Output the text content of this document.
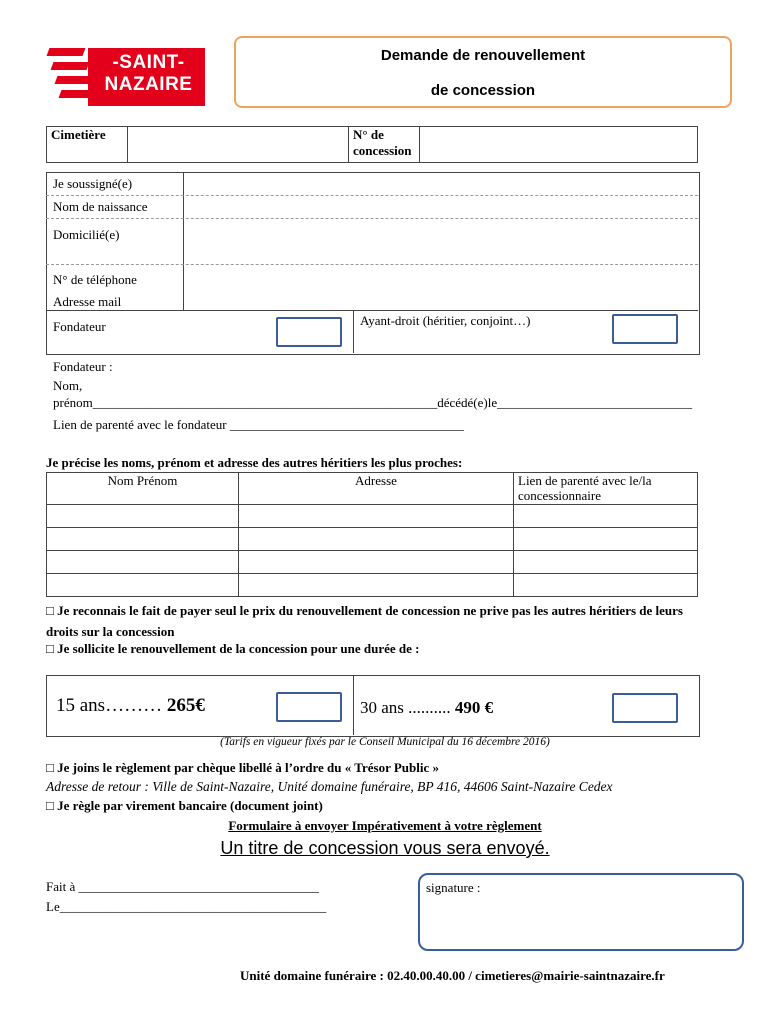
-SAINT-
NAZAIRE
Demande de renouvellement
de concession
Cimetière		N° de concession	
Je soussigné(e)
Nom de naissance
Domicilié(e)
N° de téléphone
Adresse mail
Fondateur	Ayant-droit (héritier, conjoint…)
Fondateur :
Nom,
prénom_____________________________________________________décédé(e)le______________________________
Lien de parenté avec le fondateur ____________________________________
Je précise les noms, prénom et adresse des autres héritiers les plus proches:
Nom Prénom	Adresse	Lien de parenté avec le/la concessionnaire

□ Je reconnais le fait de payer seul le prix du renouvellement de concession ne prive pas les autres héritiers de leurs droits sur la concession
□ Je sollicite le renouvellement de la concession pour une durée de :
15 ans……… 265€	30 ans .......... 490 €
(Tarifs en vigueur fixés par le Conseil Municipal du 16 décembre 2016)
□ Je joins le règlement par chèque libellé à l’ordre du « Trésor Public »
Adresse de retour : Ville de Saint-Nazaire, Unité domaine funéraire, BP 416, 44606 Saint-Nazaire Cedex
□ Je règle par virement bancaire (document joint)
Formulaire à envoyer Impérativement à votre règlement
Un titre de concession vous sera envoyé.
Fait à _____________________________________
Le_________________________________________
signature :
Unité domaine funéraire : 02.40.00.40.00 / cimetieres@mairie-saintnazaire.fr
